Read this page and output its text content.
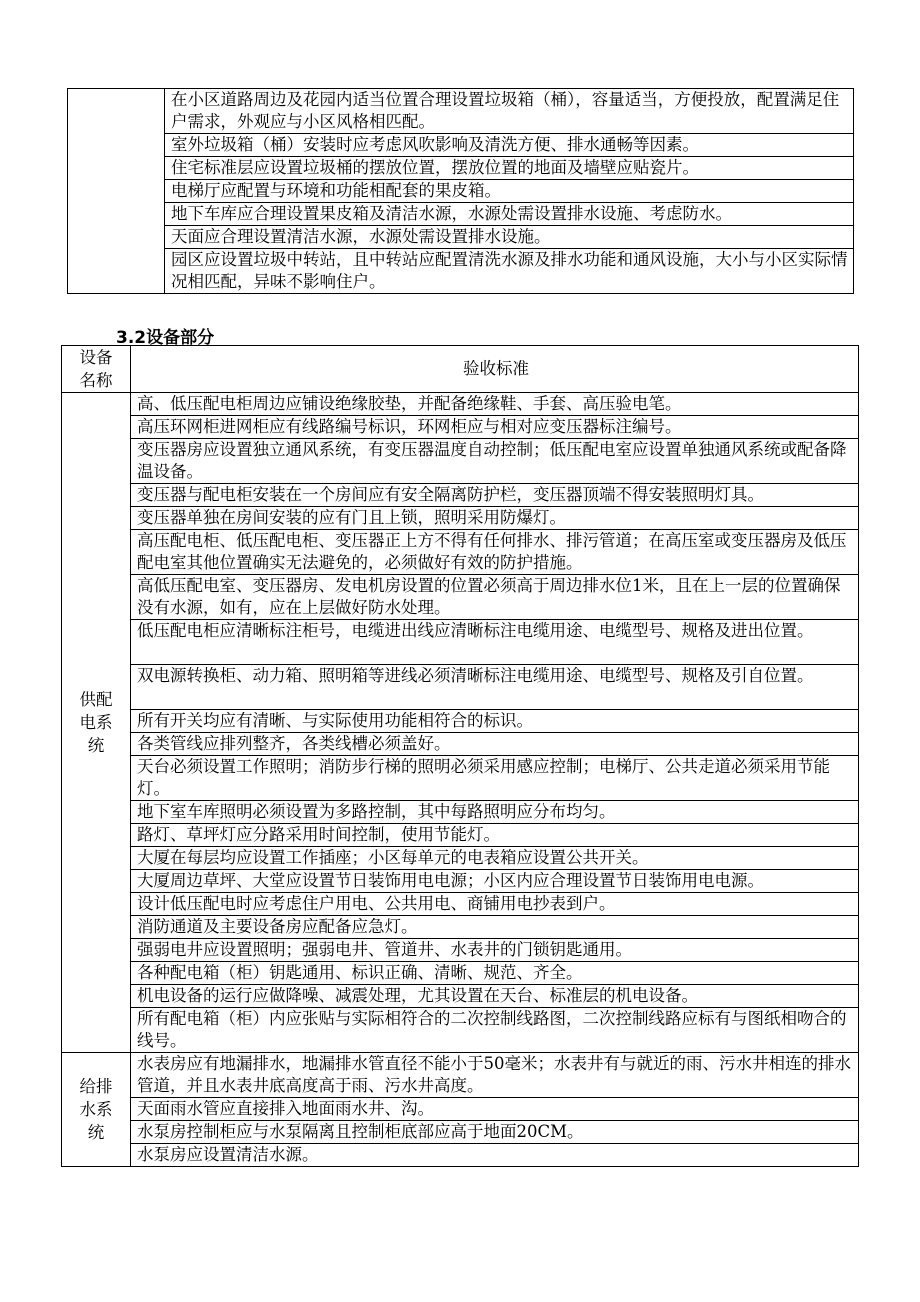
	在小区道路周边及花园内适当位置合理设置垃圾箱（桶），容量适当，方便投放，配置满足住户需求，外观应与小区风格相匹配。
室外垃圾箱（桶）安装时应考虑风吹影响及清洗方便、排水通畅等因素。
住宅标准层应设置垃圾桶的摆放位置，摆放位置的地面及墙壁应贴瓷片。
电梯厅应配置与环境和功能相配套的果皮箱。
地下车库应合理设置果皮箱及清洁水源，水源处需设置排水设施、考虑防水。
天面应合理设置清洁水源，水源处需设置排水设施。
园区应设置垃圾中转站，且中转站应配置清洗水源及排水功能和通风设施，大小与小区实际情况相匹配，异味不影响住户。
3.2设备部分
设备
名称	验收标准

供配
电系
统	高、低压配电柜周边应铺设绝缘胶垫，并配备绝缘鞋、手套、高压验电笔。
	高压环网柜进网柜应有线路编号标识，环网柜应与相对应变压器标注编号。
	变压器房应设置独立通风系统，有变压器温度自动控制；低压配电室应设置单独通风系统或配备降温设备。
	变压器与配电柜安装在一个房间应有安全隔离防护栏，变压器顶端不得安装照明灯具。
	变压器单独在房间安装的应有门且上锁，照明采用防爆灯。
	高压配电柜、低压配电柜、变压器正上方不得有任何排水、排污管道；在高压室或变压器房及低压配电室其他位置确实无法避免的，必须做好有效的防护措施。
	高低压配电室、变压器房、发电机房设置的位置必须高于周边排水位1米，且在上一层的位置确保没有水源，如有，应在上层做好防水处理。
	低压配电柜应清晰标注柜号，电缆进出线应清晰标注电缆用途、电缆型号、规格及进出位置。
	双电源转换柜、动力箱、照明箱等进线必须清晰标注电缆用途、电缆型号、规格及引自位置。
	所有开关均应有清晰、与实际使用功能相符合的标识。
	各类管线应排列整齐，各类线槽必须盖好。
	天台必须设置工作照明；消防步行梯的照明必须采用感应控制；电梯厅、公共走道必须采用节能灯。
	地下室车库照明必须设置为多路控制，其中每路照明应分布均匀。
	路灯、草坪灯应分路采用时间控制，使用节能灯。
	大厦在每层均应设置工作插座；小区每单元的电表箱应设置公共开关。
	大厦周边草坪、大堂应设置节日装饰用电电源；小区内应合理设置节日装饰用电电源。
	设计低压配电时应考虑住户用电、公共用电、商铺用电抄表到户。
	消防通道及主要设备房应配备应急灯。
	强弱电井应设置照明；强弱电井、管道井、水表井的门锁钥匙通用。
	各种配电箱（柜）钥匙通用、标识正确、清晰、规范、齐全。
	机电设备的运行应做降噪、减震处理，尤其设置在天台、标准层的机电设备。
	所有配电箱（柜）内应张贴与实际相符合的二次控制线路图，二次控制线路应标有与图纸相吻合的线号。

给排
水系
统	水表房应有地漏排水，地漏排水管直径不能小于50毫米；水表井有与就近的雨、污水井相连的排水管道，并且水表井底高度高于雨、污水井高度。
	天面雨水管应直接排入地面雨水井、沟。
	水泵房控制柜应与水泵隔离且控制柜底部应高于地面20CM。
	水泵房应设置清洁水源。
